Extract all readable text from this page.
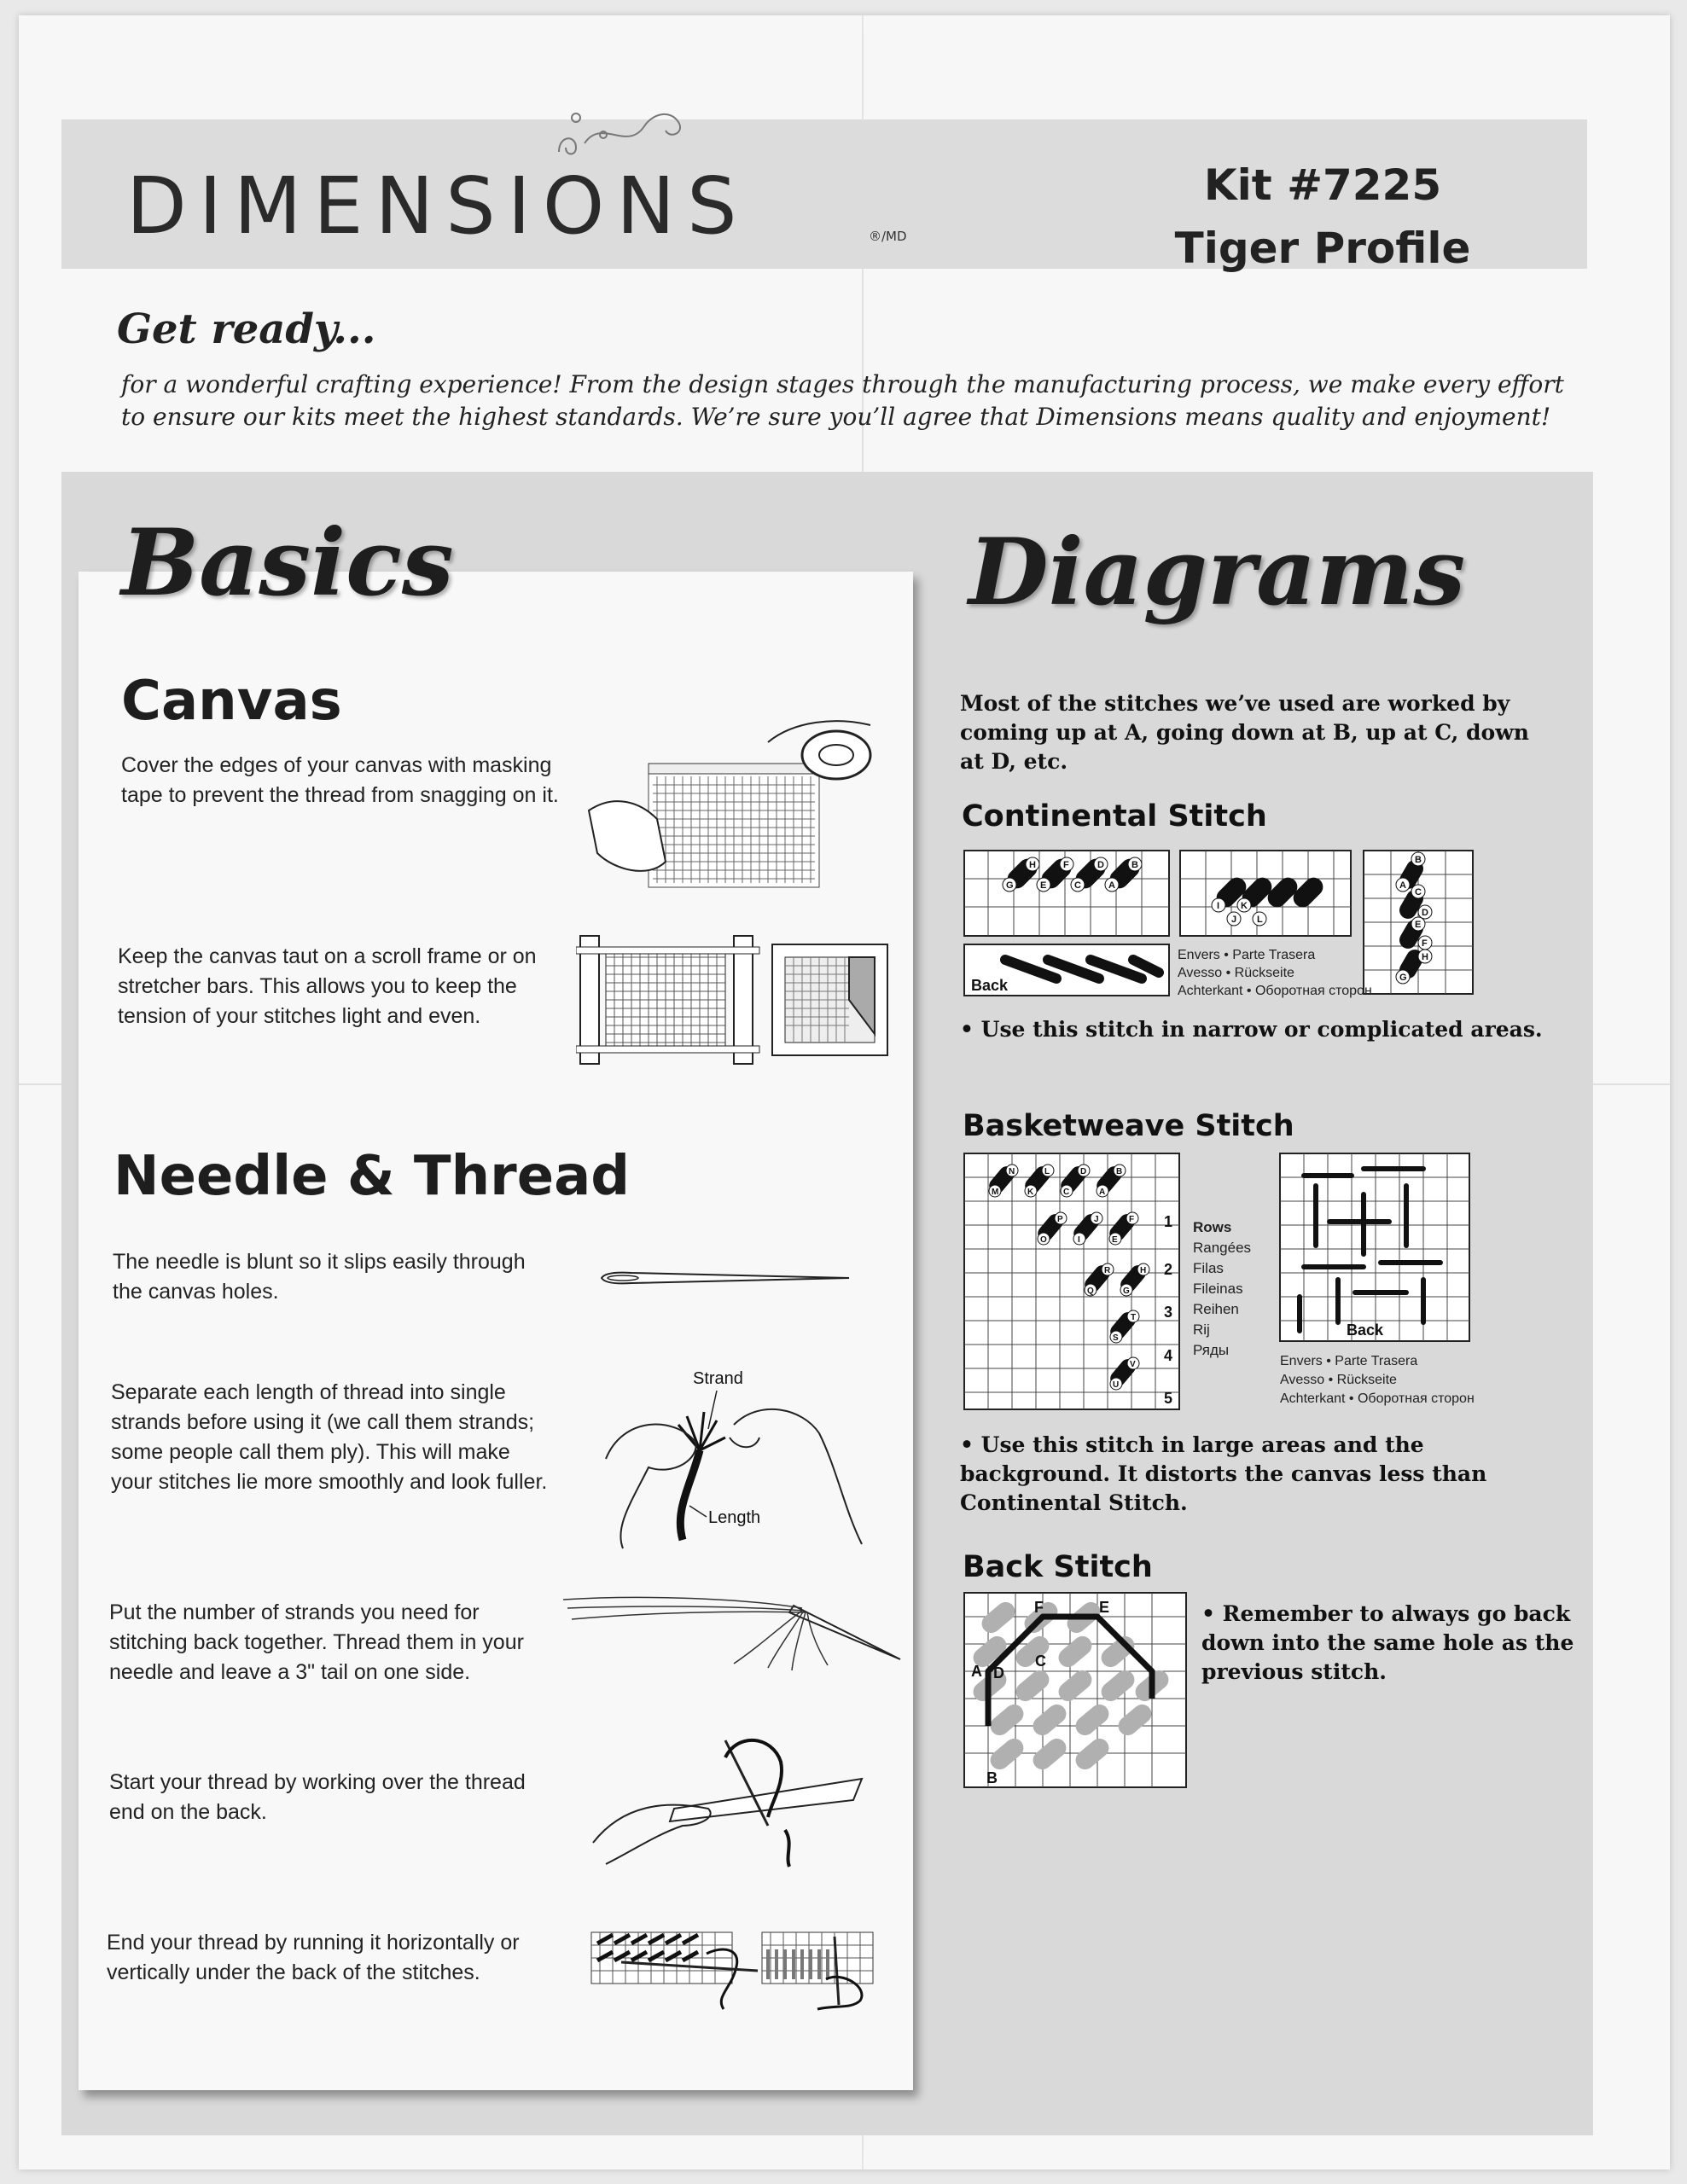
DIMENSIONS	®/MD
Kit #7225
Tiger Profile
Get ready...
for a wonderful crafting experience! From the design stages through the manufacturing process, we make every effort to ensure our kits meet the highest standards. We’re sure you’ll agree that Dimensions means quality and enjoyment!
Basics	Diagrams
Canvas
Cover the edges of your canvas with masking tape to prevent the thread from snagging on it.
Keep the canvas taut on a scroll frame or on stretcher bars. This allows you to keep the tension of your stitches light and even.
Needle & Thread
The needle is blunt so it slips easily through the canvas holes.
Separate each length of thread into single strands before using it (we call them strands; some people call them ply). This will make your stitches lie more smoothly and look fuller.
Strand
Length
Put the number of strands you need for stitching back together. Thread them in your needle and leave a 3" tail on one side.
Start your thread by working over the thread end on the back.
End your thread by running it horizontally or vertically under the back of the stitches.
Most of the stitches we’ve used are worked by coming up at A, going down at B, up at C, down at D, etc.
Continental Stitch
G
H
E
F
C
D
A
B
I
J
K
L
B
A
C
D
E
F
G
H
Back
Envers • Parte Trasera
Avesso • Rückseite
Achterkant • Оборотная сторон
• Use this stitch in narrow or complicated areas.
Basketweave Stitch
M
N
K
L
C
D
A
B
O
P
I
J
E
F
Q
R
G
H
S
T
U
V
1
2
3
4
5
Rows
Rangées
Filas
Fileinas
Reihen
Rij
Ряды
Back
Envers • Parte Trasera
Avesso • Rückseite
Achterkant • Оборотная сторон
• Use this stitch in large areas and the background. It distorts the canvas less than Continental Stitch.
Back Stitch
F	E
C
A D
B
• Remember to always go back down into the same hole as the previous stitch.
